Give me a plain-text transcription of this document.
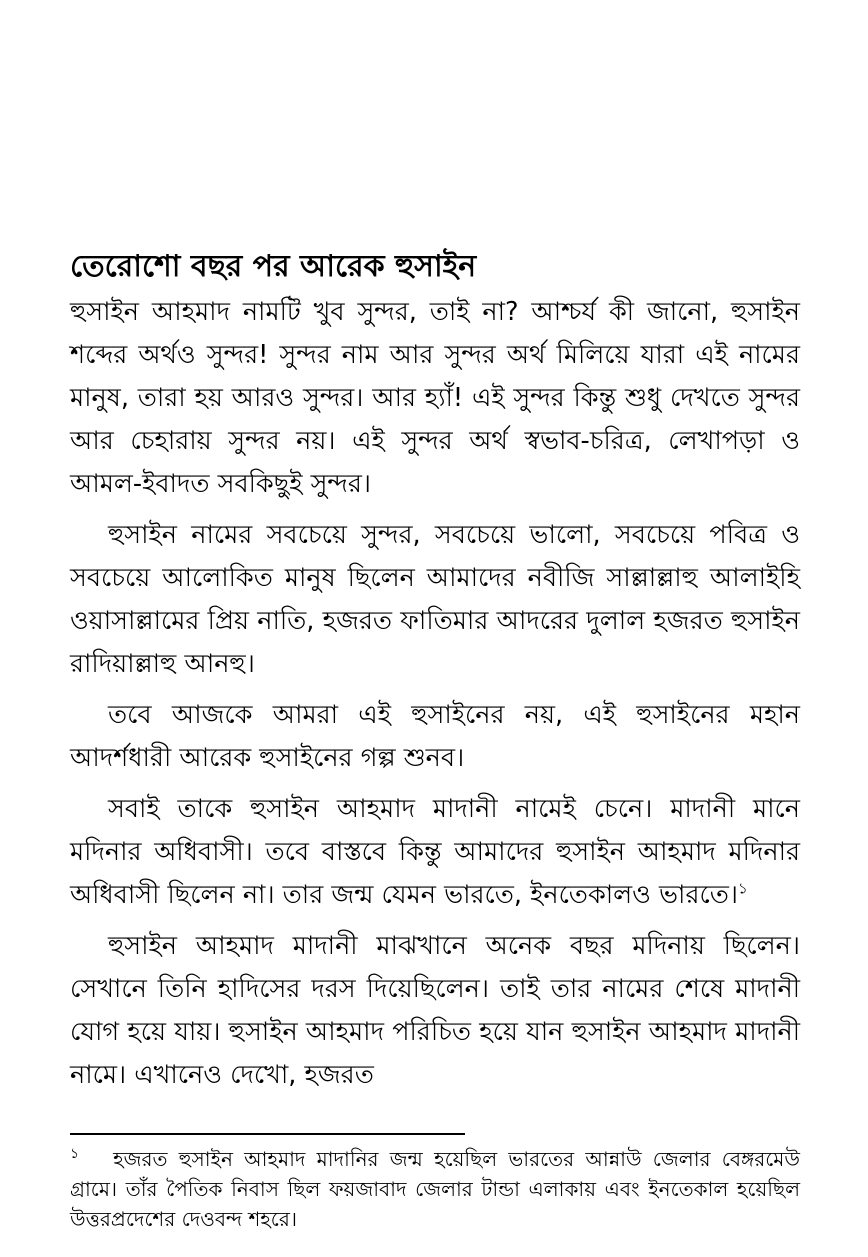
তেরোশো বছর পর আরেক হুসাইন

হুসাইন আহমাদ নামটি খুব সুন্দর, তাই না? আশ্চর্য কী জানো, হুসাইন শব্দের অর্থও সুন্দর! সুন্দর নাম আর সুন্দর অর্থ মিলিয়ে যারা এই নামের মানুষ, তারা হয় আরও সুন্দর। আর হ্যাঁ! এই সুন্দর কিন্তু শুধু দেখতে সুন্দর আর চেহারায় সুন্দর নয়। এই সুন্দর অর্থ স্বভাব-চরিত্র, লেখাপড়া ও আমল-ইবাদত সবকিছুই সুন্দর।

হুসাইন নামের সবচেয়ে সুন্দর, সবচেয়ে ভালো, সবচেয়ে পবিত্র ও সবচেয়ে আলোকিত মানুষ ছিলেন আমাদের নবীজি সাল্লাল্লাহু আলাইহি ওয়াসাল্লামের প্রিয় নাতি, হজরত ফাতিমার আদরের দুলাল হজরত হুসাইন রাদিয়াল্লাহু আনহু।

তবে আজকে আমরা এই হুসাইনের নয়, এই হুসাইনের মহান আদর্শধারী আরেক হুসাইনের গল্প শুনব।

সবাই তাকে হুসাইন আহমাদ মাদানী নামেই চেনে। মাদানী মানে মদিনার অধিবাসী। তবে বাস্তবে কিন্তু আমাদের হুসাইন আহমাদ মদিনার অধিবাসী ছিলেন না। তার জন্ম যেমন ভারতে, ইনতেকালও ভারতে।$^১$

হুসাইন আহমাদ মাদানী মাঝখানে অনেক বছর মদিনায় ছিলেন। সেখানে তিনি হাদিসের দরস দিয়েছিলেন। তাই তার নামের শেষে মাদানী যোগ হয়ে যায়। হুসাইন আহমাদ পরিচিত হয়ে যান হুসাইন আহমাদ মাদানী নামে। এখানেও দেখো, হজরত

$^১$ হজরত হুসাইন আহমাদ মাদানির জন্ম হয়েছিল ভারতের আন্নাউ জেলার বেঙ্গরমেউ গ্রামে। তাঁর পৈতিক নিবাস ছিল ফয়জাবাদ জেলার টান্ডা এলাকায় এবং ইনতেকাল হয়েছিল উত্তরপ্রদেশের দেওবন্দ শহরে।
